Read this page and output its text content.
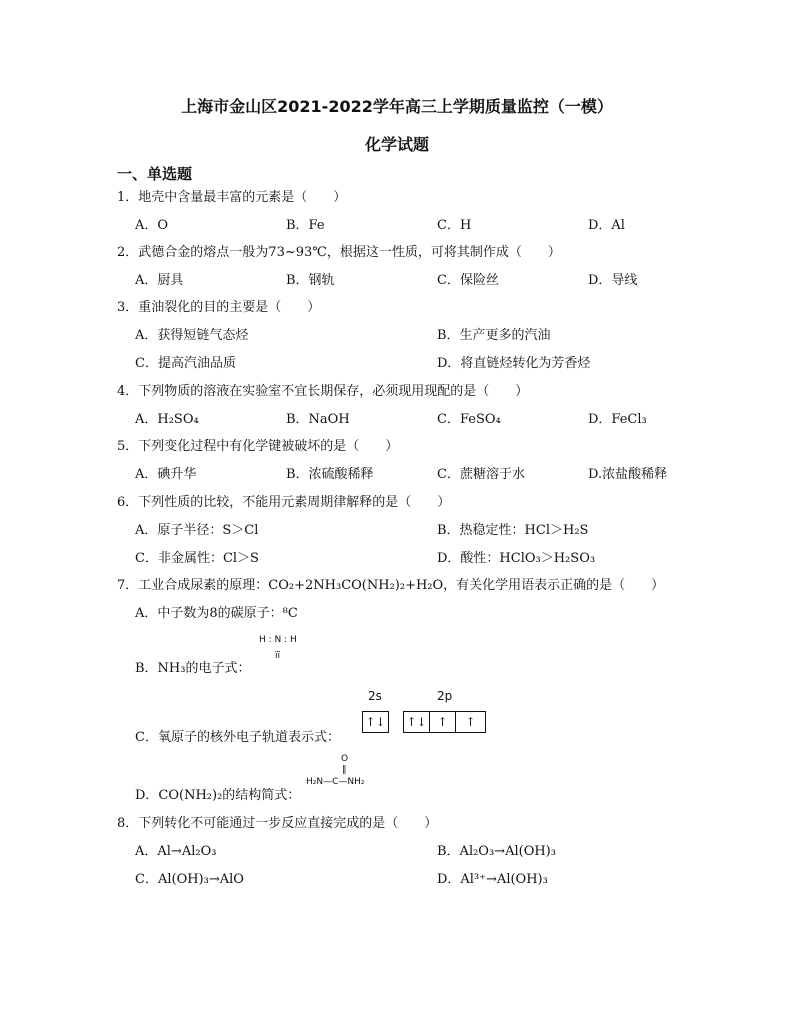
上海市金山区2021-2022学年高三上学期质量监控（一模）
化学试题
一、单选题
1．地壳中含量最丰富的元素是（　　）
A．O	B．Fe	C．H	D．Al
2．武德合金的熔点一般为73~93℃，根据这一性质，可将其制作成（　　）
A．厨具	B．钢轨	C．保险丝	D．导线
3．重油裂化的目的主要是（　　）
A．获得短链气态烃	B．生产更多的汽油
C．提高汽油品质	D．将直链烃转化为芳香烃
4．下列物质的溶液在实验室不宜长期保存，必须现用现配的是（　　）
A．H₂SO₄	B．NaOH	C．FeSO₄	D．FeCl₃
5．下列变化过程中有化学键被破坏的是（　　）
A．碘升华	B．浓硫酸稀释	C．蔗糖溶于水	D.浓盐酸稀释
6．下列性质的比较，不能用元素周期律解释的是（　　）
A．原子半径：S＞Cl	B．热稳定性：HCl＞H₂S
C．非金属性：Cl＞S	D．酸性：HClO₃＞H₂SO₃
7．工业合成尿素的原理：CO₂+2NH₃CO(NH₂)₂+H₂O，有关化学用语表示正确的是（　　）
A．中子数为8的碳原子：⁸C
H : N : H
ïï
B．NH₃的电子式：
2s	2p
↑↓ ↑↓ ↑	↑
C．氧原子的核外电子轨道表示式：
O
‖
H₂N—C—NH₂
D．CO(NH₂)₂的结构简式：
8．下列转化不可能通过一步反应直接完成的是（　　）
A．Al→Al₂O₃	B．Al₂O₃→Al(OH)₃
C．Al(OH)₃→AlO	D．Al³⁺→Al(OH)₃
